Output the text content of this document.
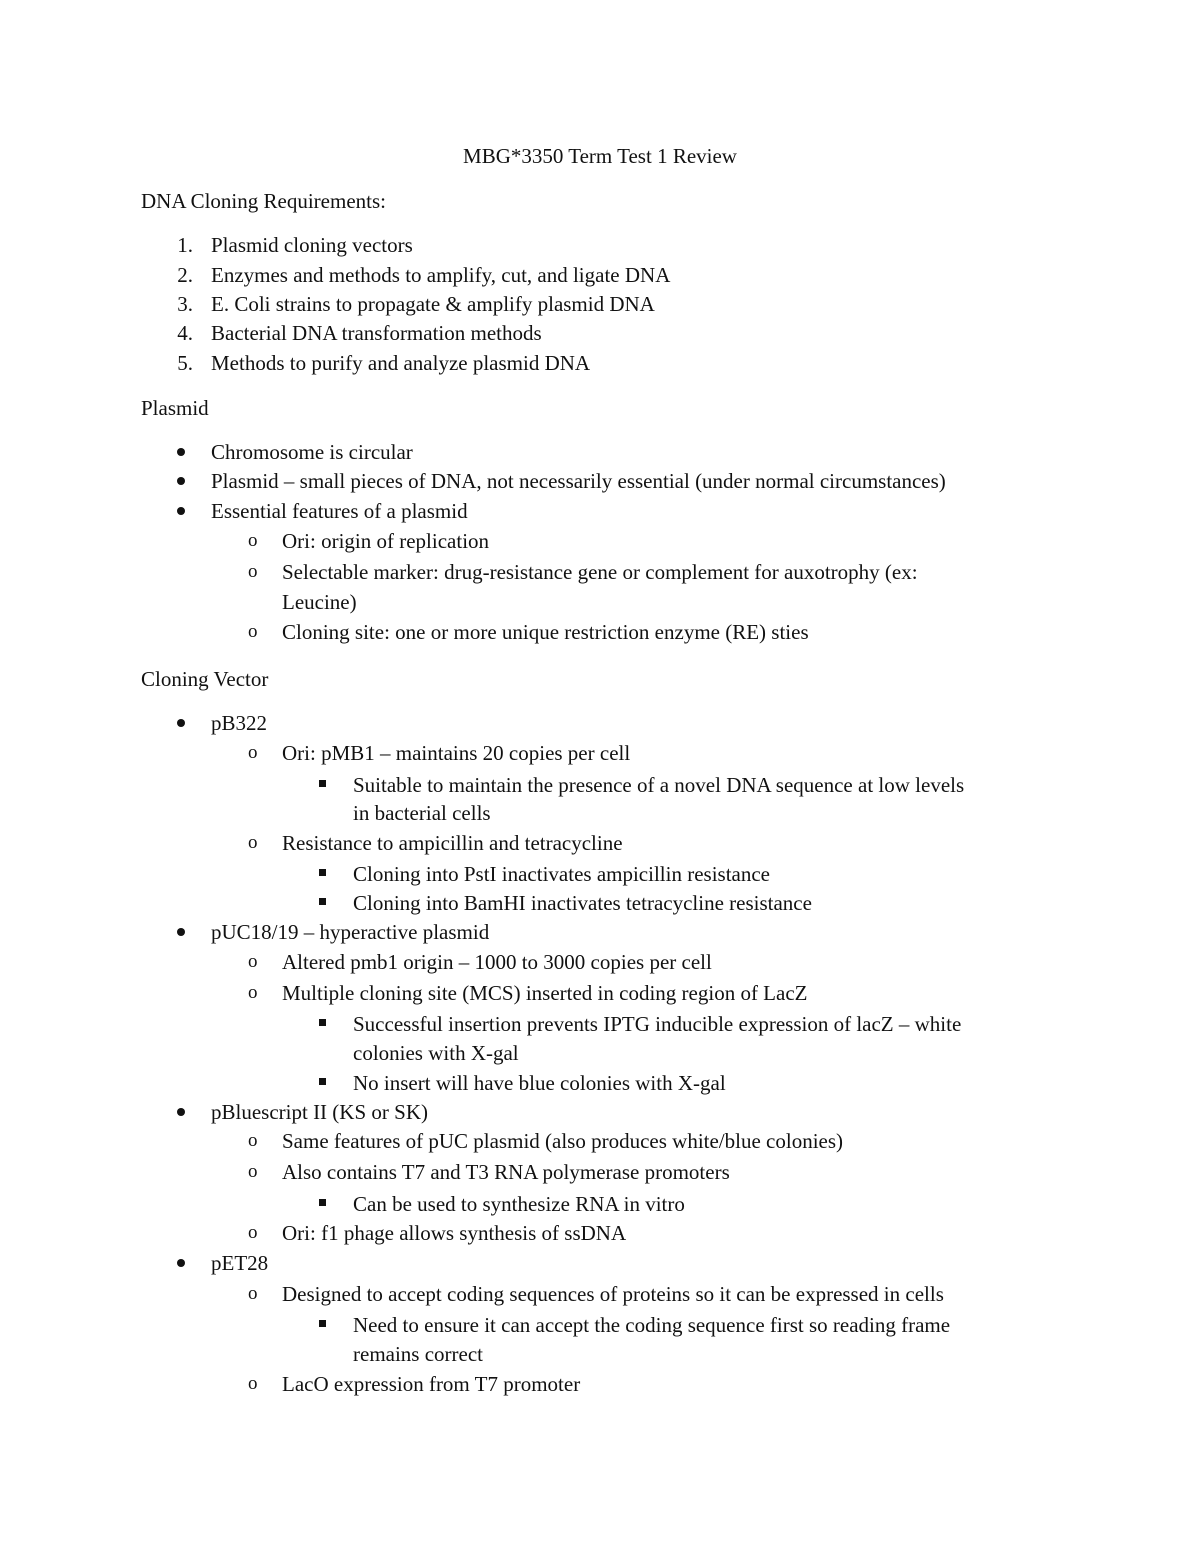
MBG*3350 Term Test 1 Review
DNA Cloning Requirements:
1. Plasmid cloning vectors
2. Enzymes and methods to amplify, cut, and ligate DNA
3. E. Coli strains to propagate & amplify plasmid DNA
4. Bacterial DNA transformation methods
5. Methods to purify and analyze plasmid DNA
Plasmid
Chromosome is circular
Plasmid – small pieces of DNA, not necessarily essential (under normal circumstances)
Essential features of a plasmid
o Ori: origin of replication
o Selectable marker: drug-resistance gene or complement for auxotrophy (ex:
Leucine)
o Cloning site: one or more unique restriction enzyme (RE) sties
Cloning Vector
pB322
o Ori: pMB1 – maintains 20 copies per cell
Suitable to maintain the presence of a novel DNA sequence at low levels
in bacterial cells
o Resistance to ampicillin and tetracycline
Cloning into PstI inactivates ampicillin resistance
Cloning into BamHI inactivates tetracycline resistance
pUC18/19 – hyperactive plasmid
o Altered pmb1 origin – 1000 to 3000 copies per cell
o Multiple cloning site (MCS) inserted in coding region of LacZ
Successful insertion prevents IPTG inducible expression of lacZ – white
colonies with X-gal
No insert will have blue colonies with X-gal
pBluescript II (KS or SK)
o Same features of pUC plasmid (also produces white/blue colonies)
o Also contains T7 and T3 RNA polymerase promoters
Can be used to synthesize RNA in vitro
o Ori: f1 phage allows synthesis of ssDNA
pET28
o Designed to accept coding sequences of proteins so it can be expressed in cells
Need to ensure it can accept the coding sequence first so reading frame
remains correct
o LacO expression from T7 promoter
